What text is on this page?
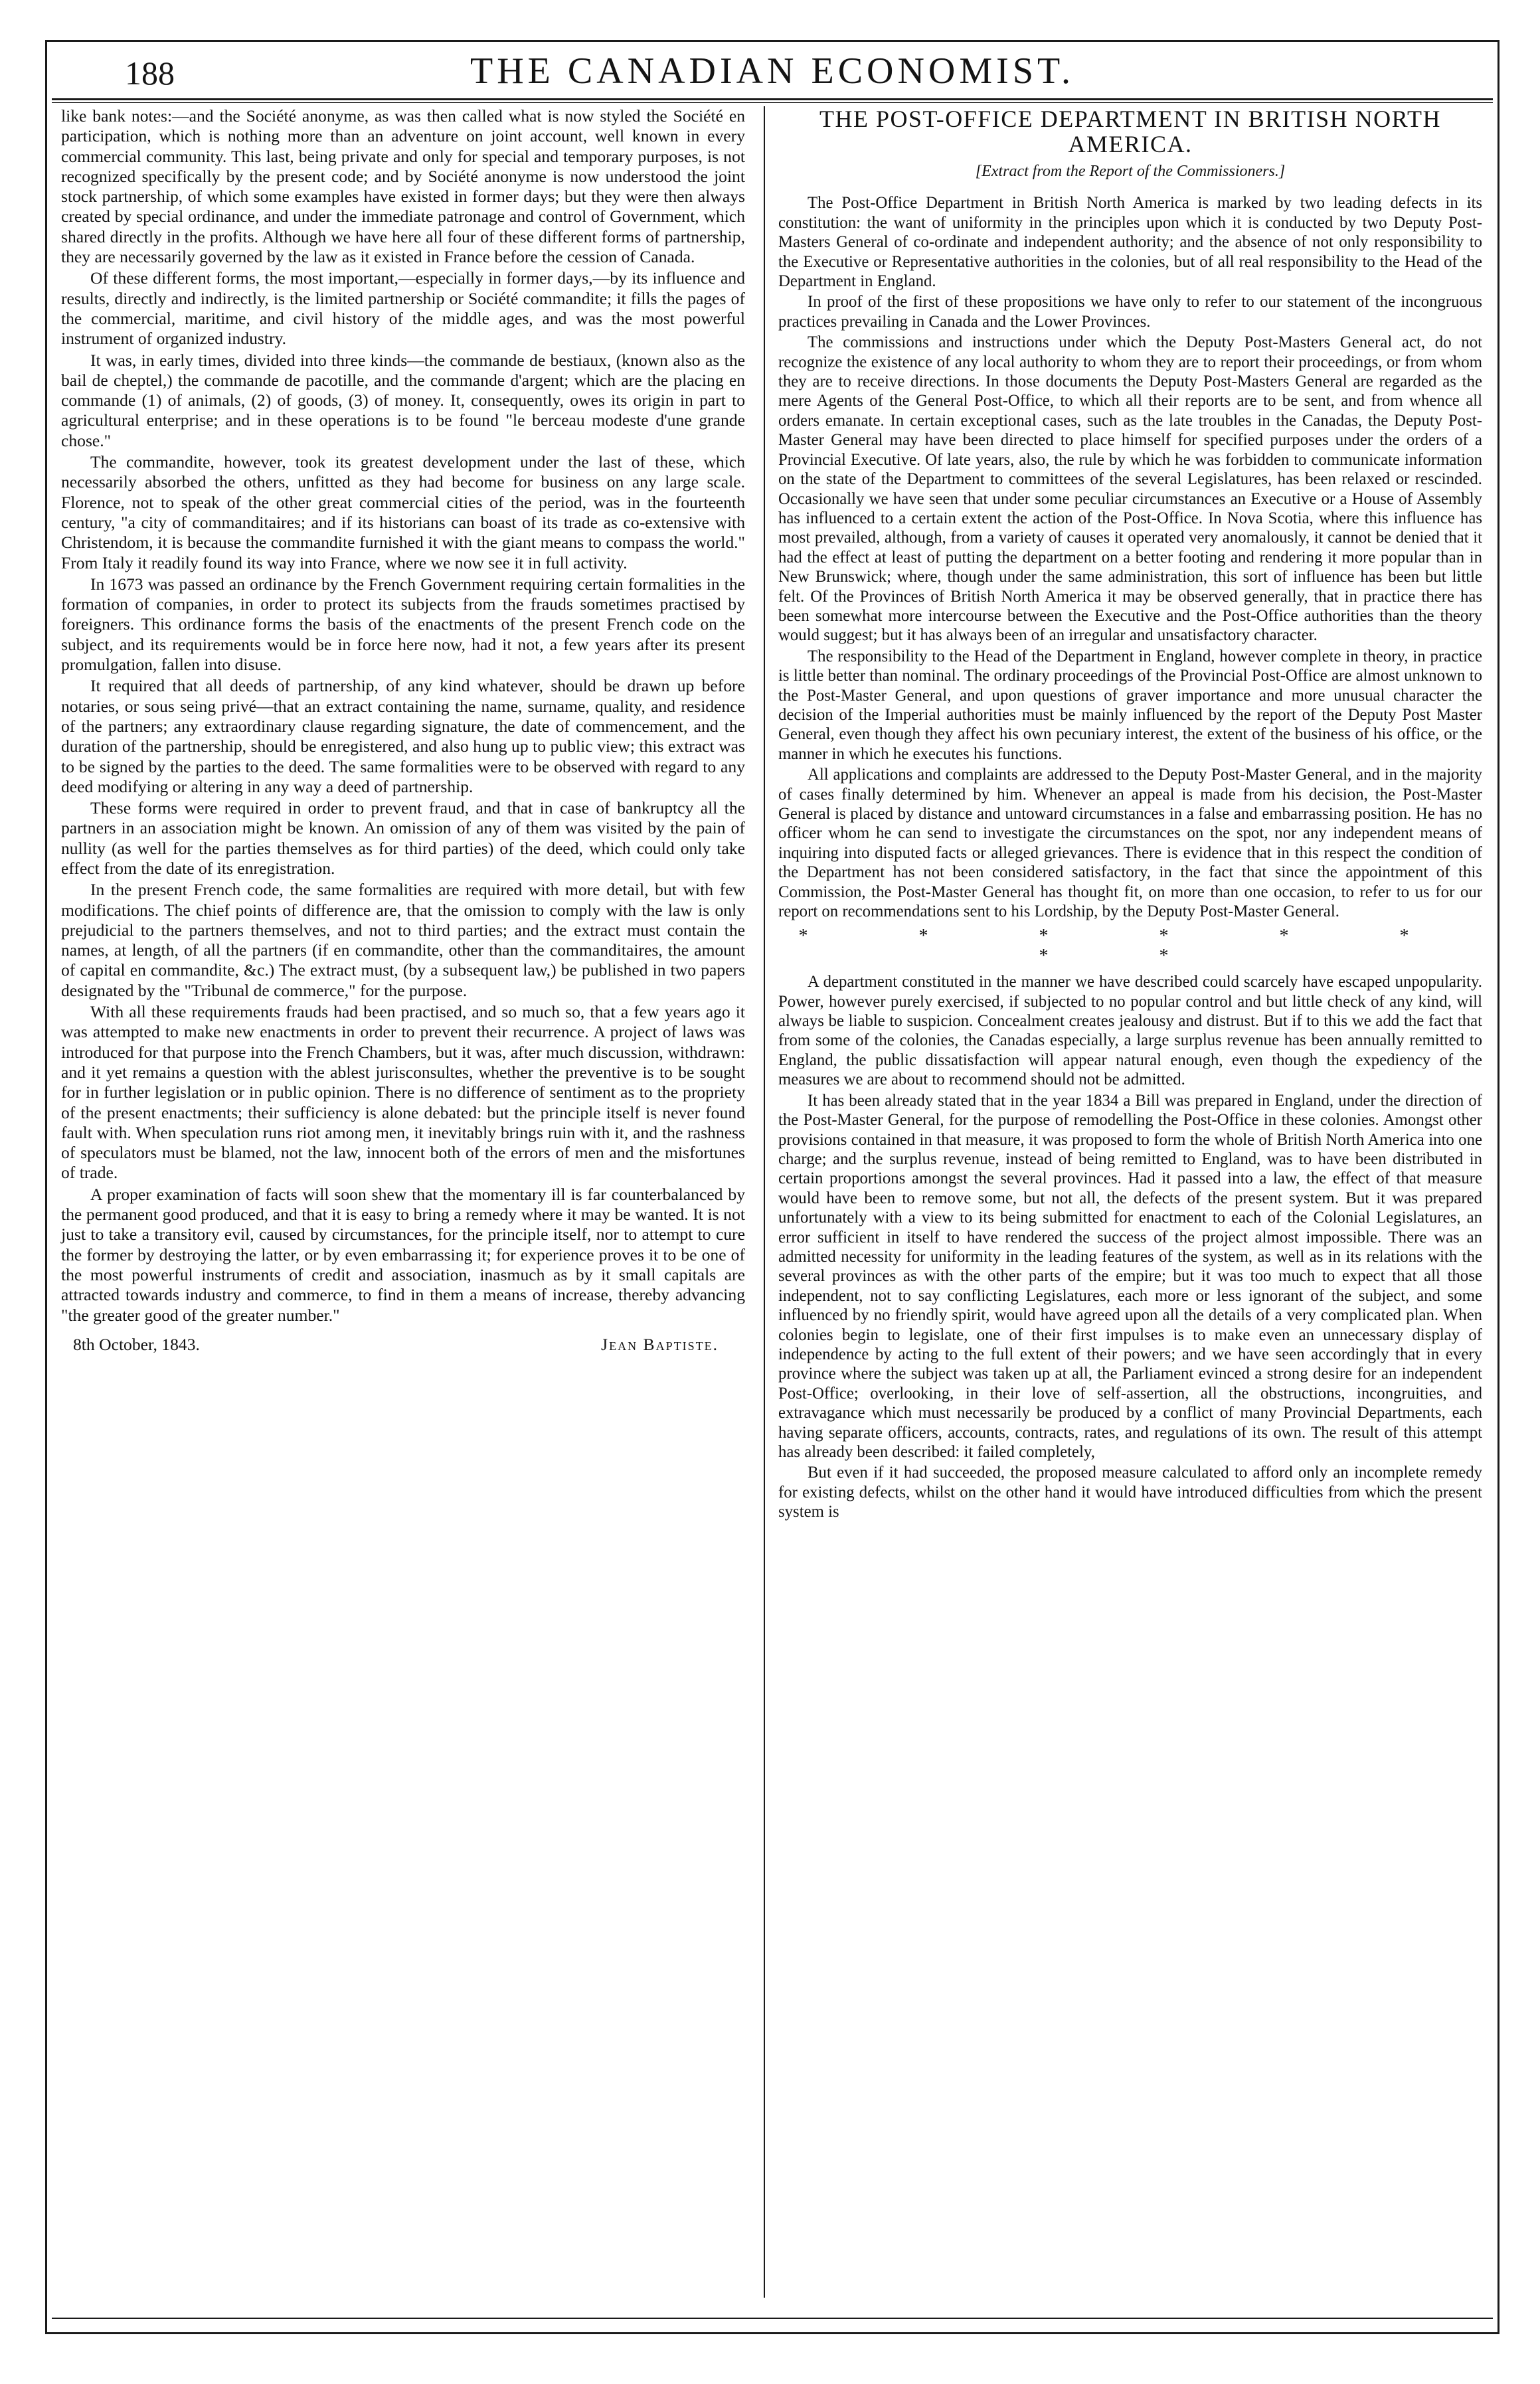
188	THE CANADIAN ECONOMIST.

like bank notes:—and the Société anonyme, as was then called what is now styled the Société en participation, which is nothing more than an adventure on joint account, well known in every commercial community. This last, being private and only for special and temporary purposes, is not recognized specifically by the present code; and by Société anonyme is now understood the joint stock partnership, of which some examples have existed in former days; but they were then always created by special ordinance, and under the immediate patronage and control of Government, which shared directly in the profits. Although we have here all four of these different forms of partnership, they are necessarily governed by the law as it existed in France before the cession of Canada.

Of these different forms, the most important,—especially in former days,—by its influence and results, directly and indirectly, is the limited partnership or Société commandite; it fills the pages of the commercial, maritime, and civil history of the middle ages, and was the most powerful instrument of organized industry.

It was, in early times, divided into three kinds—the commande de bestiaux, (known also as the bail de cheptel,) the commande de pacotille, and the commande d'argent; which are the placing en commande (1) of animals, (2) of goods, (3) of money. It, consequently, owes its origin in part to agricultural enterprise; and in these operations is to be found "le berceau modeste d'une grande chose."

The commandite, however, took its greatest development under the last of these, which necessarily absorbed the others, unfitted as they had become for business on any large scale. Florence, not to speak of the other great commercial cities of the period, was in the fourteenth century, "a city of commanditaires; and if its historians can boast of its trade as co-extensive with Christendom, it is because the commandite furnished it with the giant means to compass the world." From Italy it readily found its way into France, where we now see it in full activity.

In 1673 was passed an ordinance by the French Government requiring certain formalities in the formation of companies, in order to protect its subjects from the frauds sometimes practised by foreigners. This ordinance forms the basis of the enactments of the present French code on the subject, and its requirements would be in force here now, had it not, a few years after its present promulgation, fallen into disuse.

It required that all deeds of partnership, of any kind whatever, should be drawn up before notaries, or sous seing privé—that an extract containing the name, surname, quality, and residence of the partners; any extraordinary clause regarding signature, the date of commencement, and the duration of the partnership, should be enregistered, and also hung up to public view; this extract was to be signed by the parties to the deed. The same formalities were to be observed with regard to any deed modifying or altering in any way a deed of partnership.

These forms were required in order to prevent fraud, and that in case of bankruptcy all the partners in an association might be known. An omission of any of them was visited by the pain of nullity (as well for the parties themselves as for third parties) of the deed, which could only take effect from the date of its enregistration.

In the present French code, the same formalities are required with more detail, but with few modifications. The chief points of difference are, that the omission to comply with the law is only prejudicial to the partners themselves, and not to third parties; and the extract must contain the names, at length, of all the partners (if en commandite, other than the commanditaires, the amount of capital en commandite, &c.) The extract must, (by a subsequent law,) be published in two papers designated by the "Tribunal de commerce," for the purpose.

With all these requirements frauds had been practised, and so much so, that a few years ago it was attempted to make new enactments in order to prevent their recurrence. A project of laws was introduced for that purpose into the French Chambers, but it was, after much discussion, withdrawn: and it yet remains a question with the ablest jurisconsultes, whether the preventive is to be sought for in further legislation or in public opinion. There is no difference of sentiment as to the propriety of the present enactments; their sufficiency is alone debated: but the principle itself is never found fault with. When speculation runs riot among men, it inevitably brings ruin with it, and the rashness of speculators must be blamed, not the law, innocent both of the errors of men and the misfortunes of trade.

A proper examination of facts will soon shew that the momentary ill is far counterbalanced by the permanent good produced, and that it is easy to bring a remedy where it may be wanted. It is not just to take a transitory evil, caused by circumstances, for the principle itself, nor to attempt to cure the former by destroying the latter, or by even embarrassing it; for experience proves it to be one of the most powerful instruments of credit and association, inasmuch as by it small capitals are attracted towards industry and commerce, to find in them a means of increase, thereby advancing "the greater good of the greater number."

8th October, 1843.	Jean Baptiste.
THE POST-OFFICE DEPARTMENT IN BRITISH NORTH AMERICA.
[Extract from the Report of the Commissioners.]

The Post-Office Department in British North America is marked by two leading defects in its constitution: the want of uniformity in the principles upon which it is conducted by two Deputy Post-Masters General of co-ordinate and independent authority; and the absence of not only responsibility to the Executive or Representative authorities in the colonies, but of all real responsibility to the Head of the Department in England.

In proof of the first of these propositions we have only to refer to our statement of the incongruous practices prevailing in Canada and the Lower Provinces.

The commissions and instructions under which the Deputy Post-Masters General act, do not recognize the existence of any local authority to whom they are to report their proceedings, or from whom they are to receive directions. In those documents the Deputy Post-Masters General are regarded as the mere Agents of the General Post-Office, to which all their reports are to be sent, and from whence all orders emanate. In certain exceptional cases, such as the late troubles in the Canadas, the Deputy Post-Master General may have been directed to place himself for specified purposes under the orders of a Provincial Executive. Of late years, also, the rule by which he was forbidden to communicate information on the state of the Department to committees of the several Legislatures, has been relaxed or rescinded. Occasionally we have seen that under some peculiar circumstances an Executive or a House of Assembly has influenced to a certain extent the action of the Post-Office. In Nova Scotia, where this influence has most prevailed, although, from a variety of causes it operated very anomalously, it cannot be denied that it had the effect at least of putting the department on a better footing and rendering it more popular than in New Brunswick; where, though under the same administration, this sort of influence has been but little felt. Of the Provinces of British North America it may be observed generally, that in practice there has been somewhat more intercourse between the Executive and the Post-Office authorities than the theory would suggest; but it has always been of an irregular and unsatisfactory character.

The responsibility to the Head of the Department in England, however complete in theory, in practice is little better than nominal. The ordinary proceedings of the Provincial Post-Office are almost unknown to the Post-Master General, and upon questions of graver importance and more unusual character the decision of the Imperial authorities must be mainly influenced by the report of the Deputy Post Master General, even though they affect his own pecuniary interest, the extent of the business of his office, or the manner in which he executes his functions.

All applications and complaints are addressed to the Deputy Post-Master General, and in the majority of cases finally determined by him. Whenever an appeal is made from his decision, the Post-Master General is placed by distance and untoward circumstances in a false and embarrassing position. He has no officer whom he can send to investigate the circumstances on the spot, nor any independent means of inquiring into disputed facts or alleged grievances. There is evidence that in this respect the condition of the Department has not been considered satisfactory, in the fact that since the appointment of this Commission, the Post-Master General has thought fit, on more than one occasion, to refer to us for our report on recommendations sent to his Lordship, by the Deputy Post-Master General.

* * * * * * * *

A department constituted in the manner we have described could scarcely have escaped unpopularity. Power, however purely exercised, if subjected to no popular control and but little check of any kind, will always be liable to suspicion. Concealment creates jealousy and distrust. But if to this we add the fact that from some of the colonies, the Canadas especially, a large surplus revenue has been annually remitted to England, the public dissatisfaction will appear natural enough, even though the expediency of the measures we are about to recommend should not be admitted.

It has been already stated that in the year 1834 a Bill was prepared in England, under the direction of the Post-Master General, for the purpose of remodelling the Post-Office in these colonies. Amongst other provisions contained in that measure, it was proposed to form the whole of British North America into one charge; and the surplus revenue, instead of being remitted to England, was to have been distributed in certain proportions amongst the several provinces. Had it passed into a law, the effect of that measure would have been to remove some, but not all, the defects of the present system. But it was prepared unfortunately with a view to its being submitted for enactment to each of the Colonial Legislatures, an error sufficient in itself to have rendered the success of the project almost impossible. There was an admitted necessity for uniformity in the leading features of the system, as well as in its relations with the several provinces as with the other parts of the empire; but it was too much to expect that all those independent, not to say conflicting Legislatures, each more or less ignorant of the subject, and some influenced by no friendly spirit, would have agreed upon all the details of a very complicated plan. When colonies begin to legislate, one of their first impulses is to make even an unnecessary display of independence by acting to the full extent of their powers; and we have seen accordingly that in every province where the subject was taken up at all, the Parliament evinced a strong desire for an independent Post-Office; overlooking, in their love of self-assertion, all the obstructions, incongruities, and extravagance which must necessarily be produced by a conflict of many Provincial Departments, each having separate officers, accounts, contracts, rates, and regulations of its own. The result of this attempt has already been described: it failed completely,

But even if it had succeeded, the proposed measure calculated to afford only an incomplete remedy for existing defects, whilst on the other hand it would have introduced difficulties from which the present system is
